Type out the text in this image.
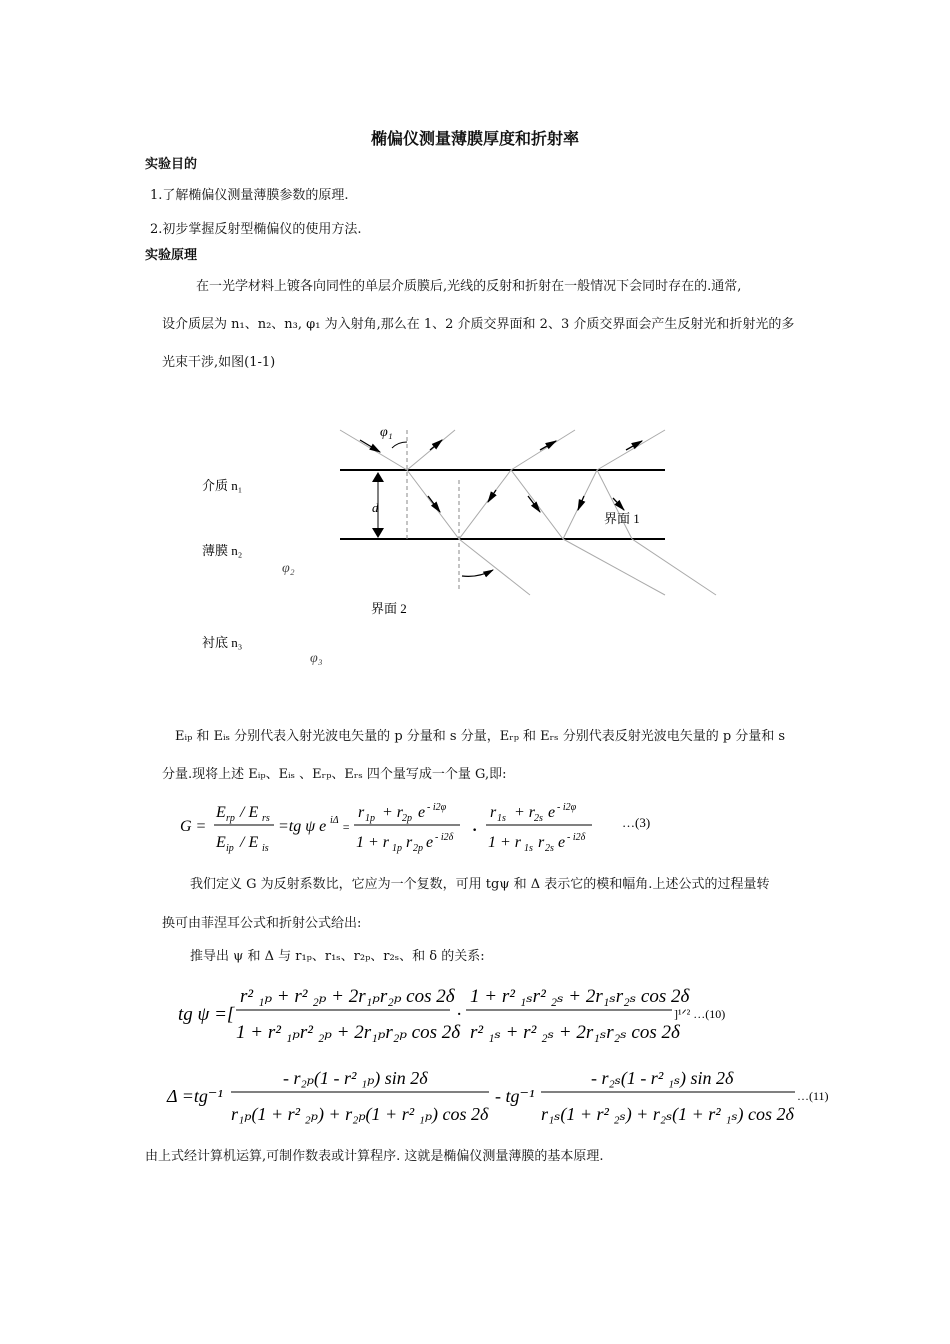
椭偏仪测量薄膜厚度和折射率
实验目的
1.了解椭偏仪测量薄膜参数的原理.
2.初步掌握反射型椭偏仪的使用方法.
实验原理
在一光学材料上镀各向同性的单层介质膜后,光线的反射和折射在一般情况下会同时存在的.通常,
设介质层为 n₁、n₂、n₃, φ₁ 为入射角,那么在 1、2 介质交界面和 2、3 介质交界面会产生反射光和折射光的多
光束干涉,如图(1-1)
d
φ₁
φ₂
φ₃
介质 n₁
薄膜 n₂
衬底 n₃
界面 1
界面 2
Eᵢₚ 和 Eᵢₛ 分别代表入射光波电矢量的 p 分量和 s 分量，Eᵣₚ 和 Eᵣₛ 分别代表反射光波电矢量的 p 分量和 s
分量.现将上述 Eᵢₚ、Eᵢₛ 、Eᵣₚ、Eᵣₛ 四个量写成一个量 G,即:
G =
E rp / E rs
E ip / E is
=tg ψ e iΔ =
r 1p + r
2p e - i2φ
1 + r 1p r 2p e - i2δ ·
r 1s + r
2s e - i2φ
1 + r 1s r 2s e - i2δ
…(3)
我们定义 G 为反射系数比，它应为一个复数，可用 tgψ 和 Δ 表示它的模和幅角.上述公式的过程量转
换可由菲涅耳公式和折射公式给出:
推导出 ψ 和 Δ 与 r₁ₚ、r₁ₛ、r₂ₚ、r₂ₛ、和 δ 的关系:
tg ψ =[
r² ₁ₚ + r² ₂ₚ + 2r₁ₚr₂ₚ cos 2δ
1 + r² ₁ₚr² ₂ₚ + 2r₁ₚr₂ₚ cos 2δ
·
1 + r² ₁ₛr² ₂ₛ + 2r₁ₛr₂ₛ cos 2δ
r² ₁ₛ + r² ₂ₛ + 2r₁ₛr₂ₛ cos 2δ
]¹ᐟ² …(10)
Δ =tg⁻¹
- r₂ₚ(1 - r² ₁ₚ) sin 2δ
r₁ₚ(1 + r² ₂ₚ) + r₂ₚ(1 + r² ₁ₚ) cos 2δ
- tg⁻¹
- r₂ₛ(1 - r² ₁ₛ) sin 2δ
r₁ₛ(1 + r² ₂ₛ) + r₂ₛ(1 + r² ₁ₛ) cos 2δ
…(11)
由上式经计算机运算,可制作数表或计算程序. 这就是椭偏仪测量薄膜的基本原理.
